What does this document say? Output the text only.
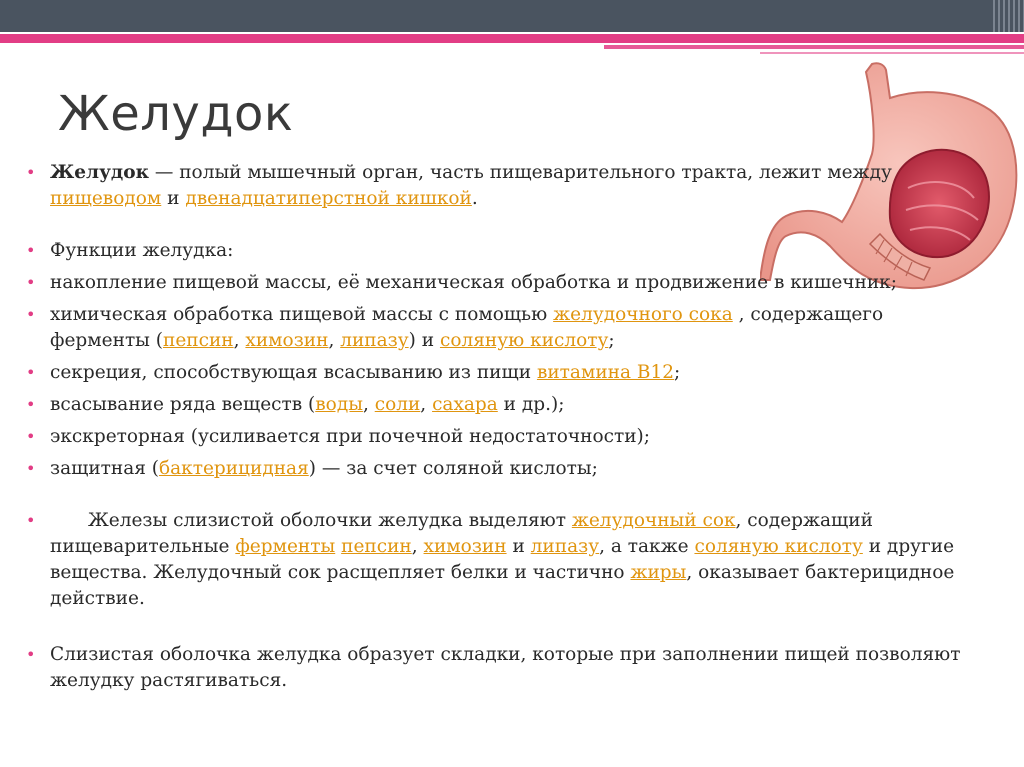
Желудок

• Желудок — полый мышечный орган, часть пищеварительного тракта, лежит между пищеводом и двенадцатиперстной кишкой.

• Функции желудка:
• накопление пищевой массы, её механическая обработка и продвижение в кишечник;

• химическая обработка пищевой массы с помощью желудочного сока , содержащего ферменты (пепсин, химозин, липазу) и соляную кислоту;

• секреция, способствующая всасыванию из пищи витамина B12;

• всасывание ряда веществ (воды, соли, сахара и др.);

• экскреторная (усиливается при почечной недостаточности);

• защитная (бактерицидная) — за счет соляной кислоты;

• Железы слизистой оболочки желудка выделяют желудочный сок, содержащий пищеварительные ферменты пепсин, химозин и липазу, а также соляную кислоту и другие вещества. Желудочный сок расщепляет белки и частично жиры, оказывает бактерицидное действие.

• Слизистая оболочка желудка образует складки, которые при заполнении пищей позволяют желудку растягиваться.
